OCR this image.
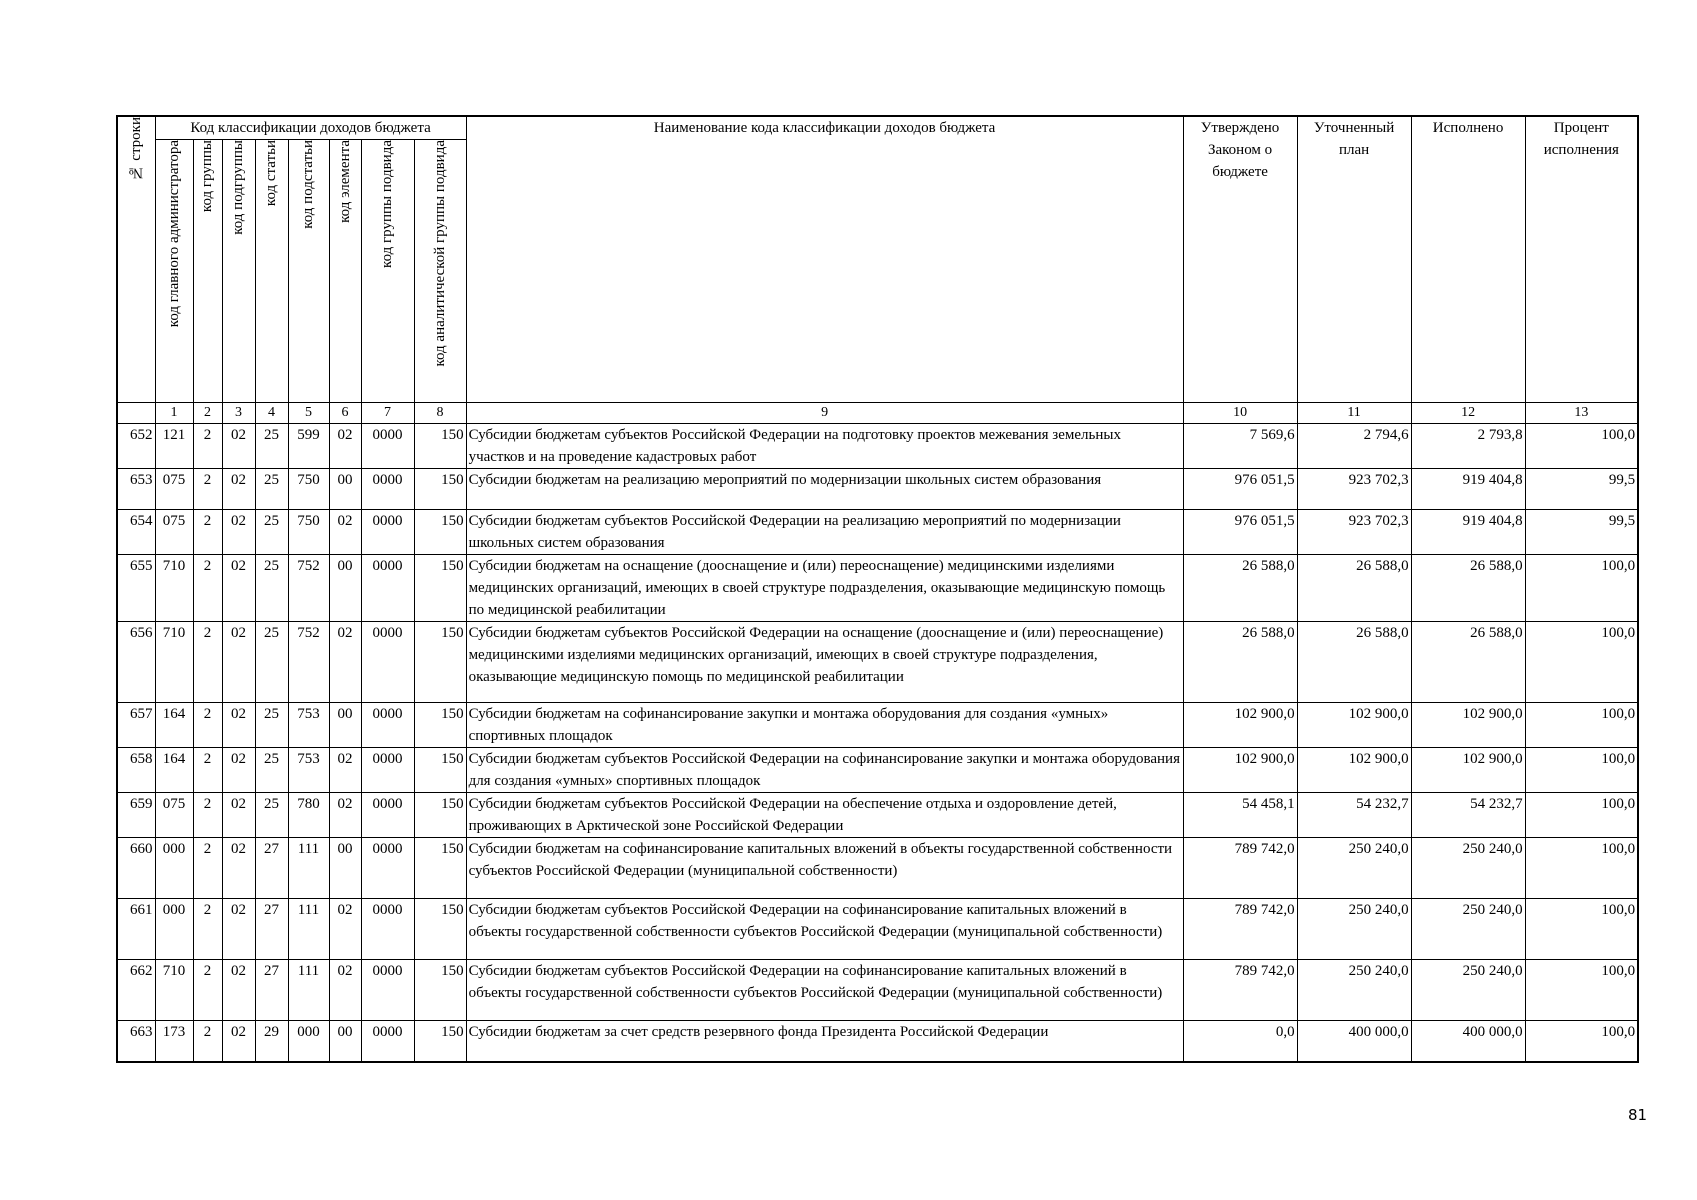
№ строки	Код классификации доходов бюджета								Наименование кода классификации доходов бюджета	Утверждено Законом о бюджете	Уточненный план	Исполнено	Процент исполнения

	код главного администратора	код группы	код подгруппы	код статьи	код подстатьи	код элемента	код группы подвида	код аналитической группы подвида					

	1	2	3	4	5	6	7	8	9	10	11	12	13
652	121	2	02	25	599	02	0000	150	Субсидии бюджетам субъектов Российской Федерации на подготовку проектов межевания земельных участков и на проведение кадастровых работ	7 569,6	2 794,6	2 793,8	100,0
653	075	2	02	25	750	00	0000	150	Субсидии бюджетам на реализацию мероприятий по модернизации школьных систем образования	976 051,5	923 702,3	919 404,8	99,5
654	075	2	02	25	750	02	0000	150	Субсидии бюджетам субъектов Российской Федерации на реализацию мероприятий по модернизации школьных систем образования	976 051,5	923 702,3	919 404,8	99,5
655	710	2	02	25	752	00	0000	150	Субсидии бюджетам на оснащение (дооснащение и (или) переоснащение) медицинскими изделиями медицинских организаций, имеющих в своей структуре подразделения, оказывающие медицинскую помощь по медицинской реабилитации	26 588,0	26 588,0	26 588,0	100,0
656	710	2	02	25	752	02	0000	150	Субсидии бюджетам субъектов Российской Федерации на оснащение (дооснащение и (или) переоснащение) медицинскими изделиями медицинских организаций, имеющих в своей структуре подразделения, оказывающие медицинскую помощь по медицинской реабилитации	26 588,0	26 588,0	26 588,0	100,0
657	164	2	02	25	753	00	0000	150	Субсидии бюджетам на софинансирование закупки и монтажа оборудования для создания «умных» спортивных площадок	102 900,0	102 900,0	102 900,0	100,0
658	164	2	02	25	753	02	0000	150	Субсидии бюджетам субъектов Российской Федерации на софинансирование закупки и монтажа оборудования для создания «умных» спортивных площадок	102 900,0	102 900,0	102 900,0	100,0
659	075	2	02	25	780	02	0000	150	Субсидии бюджетам субъектов Российской Федерации на обеспечение отдыха и оздоровление детей, проживающих в Арктической зоне Российской Федерации	54 458,1	54 232,7	54 232,7	100,0
660	000	2	02	27	111	00	0000	150	Субсидии бюджетам на софинансирование капитальных вложений в объекты государственной собственности субъектов Российской Федерации (муниципальной собственности)	789 742,0	250 240,0	250 240,0	100,0
661	000	2	02	27	111	02	0000	150	Субсидии бюджетам субъектов Российской Федерации на софинансирование капитальных вложений в объекты государственной собственности субъектов Российской Федерации (муниципальной собственности)	789 742,0	250 240,0	250 240,0	100,0
662	710	2	02	27	111	02	0000	150	Субсидии бюджетам субъектов Российской Федерации на софинансирование капитальных вложений в объекты государственной собственности субъектов Российской Федерации (муниципальной собственности)	789 742,0	250 240,0	250 240,0	100,0
663	173	2	02	29	000	00	0000	150	Субсидии бюджетам за счет средств резервного фонда Президента Российской Федерации	0,0	400 000,0	400 000,0	100,0
81
